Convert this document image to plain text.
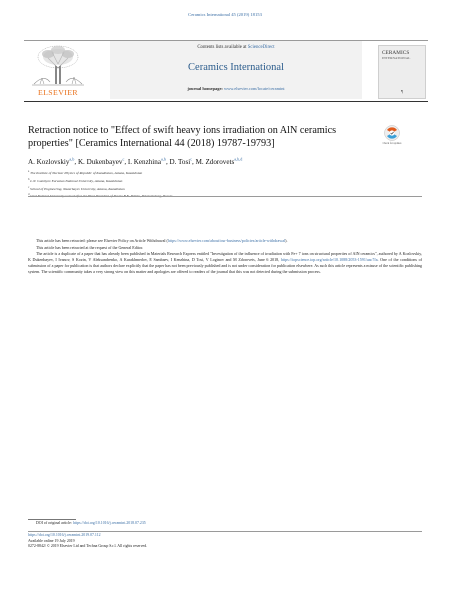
Ceramics International 45 (2019) 18153
ELSEVIER
Contents lists available at ScienceDirect
Ceramics International
journal homepage: www.elsevier.com/locate/ceramint
CERAMICS
INTERNATIONAL
¶
Retraction notice to "Effect of swift heavy ions irradiation on AlN ceramics properties" [Ceramics International 44 (2018) 19787-19793]	Check for updates
A. Kozlovskiy$^{a,b}$, K. Dukenbayev$^c$, I. Kenzhina$^{a,b}$, D. Tosi$^c$, M. Zdorovets$^{a,b,d}$
$^a$ The Institute of Nuclear Physics of Republic of Kazakhstan, Astana, Kazakhstan
$^b$ L.N. Gumilyov Eurasian National University, Astana, Kazakhstan
$^c$ School of Engineering, Nazarbayev University, Astana, Kazakhstan
$^d$ Ural Federal University named after the First President of Russia B.N. Yeltsin, Yekaterinburg, Russia

This article has been retracted: please see Elsevier Policy on Article Withdrawal (https://www.elsevier.com/about/our-business/policies/article-withdrawal).

This article has been retracted at the request of the General Editor.

The article is a duplicate of a paper that has already been published in Materials Research Express entitled "Investigation of the influence of irradiation with Fe+ 7 ions on structural properties of AlN ceramics", authored by A Kozlovskiy, K Dukenbayev, I Ivanov, S Kozin, V Aleksandrenko, A Kurakhmedov, E Sambaev, I Kenzhina, D Tosi, V Loginov and M Zdorovets, June 6 2018, https://iopscience.iop.org/article/10.1088/2053-1591/aac7fa. One of the conditions of submission of a paper for publication is that authors declare explicitly that the paper has not been previously published and is not under consideration for publication elsewhere. As such this article represents a misuse of the scientific publishing system. The scientific community takes a very strong view on this matter and apologies are offered to readers of the journal that this was not detected during the submission process.

DOI of original article: https://doi.org/10.1016/j.ceramint.2018.07.235
https://doi.org/10.1016/j.ceramint.2019.07.112
Available online 19 July 2019
0272-8842/ © 2019 Elsevier Ltd and Techna Group S.r.l. All rights reserved.
